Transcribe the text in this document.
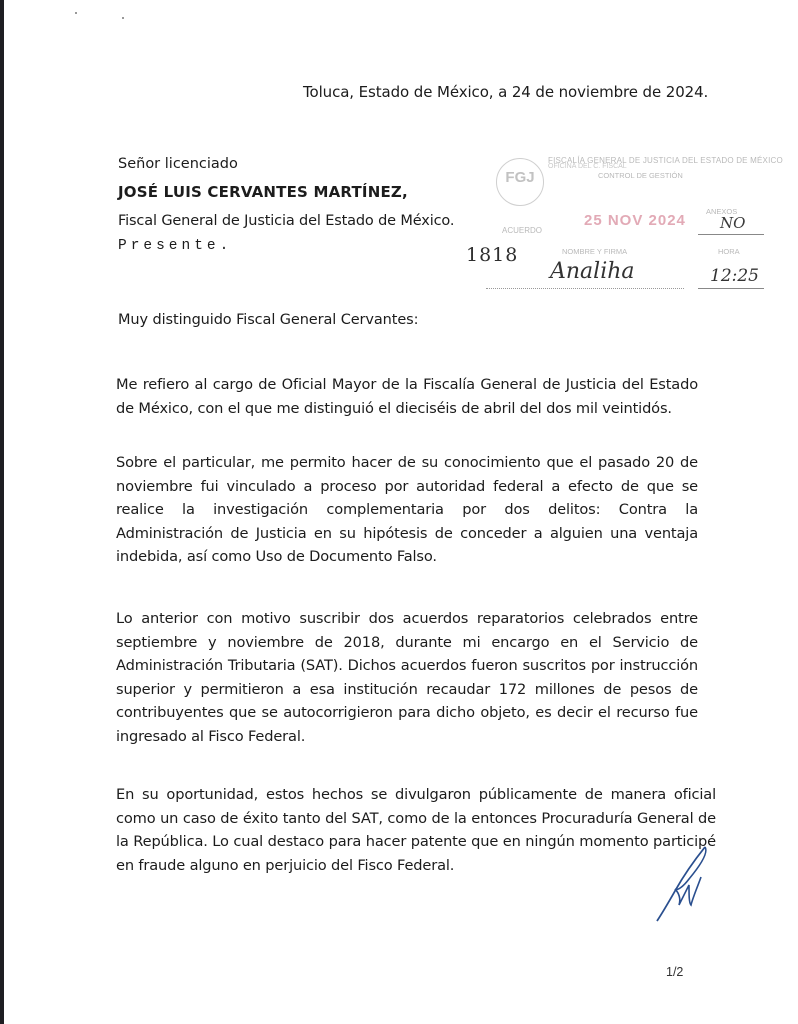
Toluca, Estado de México, a 24 de noviembre de 2024.
Señor licenciado
JOSÉ LUIS CERVANTES MARTÍNEZ,
Fiscal General de Justicia del Estado de México.
Presente.
FGJ
FISCALÍA GENERAL DE JUSTICIA DEL ESTADO DE MÉXICO
OFICINA DEL C. FISCAL
CONTROL DE GESTIÓN
25 NOV 2024
ACUERDO
ANEXOS
NO
NOMBRE Y FIRMA	HORA
1818
Analiha	12:25
Muy distinguido Fiscal General Cervantes:
Me refiero al cargo de Oficial Mayor de la Fiscalía General de Justicia del Estado de México, con el que me distinguió el dieciséis de abril del dos mil veintidós.
Sobre el particular, me permito hacer de su conocimiento que el pasado 20 de noviembre fui vinculado a proceso por autoridad federal a efecto de que se realice la investigación complementaria por dos delitos: Contra la Administración de Justicia en su hipótesis de conceder a alguien una ventaja indebida, así como Uso de Documento Falso.
Lo anterior con motivo suscribir dos acuerdos reparatorios celebrados entre septiembre y noviembre de 2018, durante mi encargo en el Servicio de Administración Tributaria (SAT). Dichos acuerdos fueron suscritos por instrucción superior y permitieron a esa institución recaudar 172 millones de pesos de contribuyentes que se autocorrigieron para dicho objeto, es decir el recurso fue ingresado al Fisco Federal.
En su oportunidad, estos hechos se divulgaron públicamente de manera oficial como un caso de éxito tanto del SAT, como de la entonces Procuraduría General de la República. Lo cual destaco para hacer patente que en ningún momento participé en fraude alguno en perjuicio del Fisco Federal.
1/2
